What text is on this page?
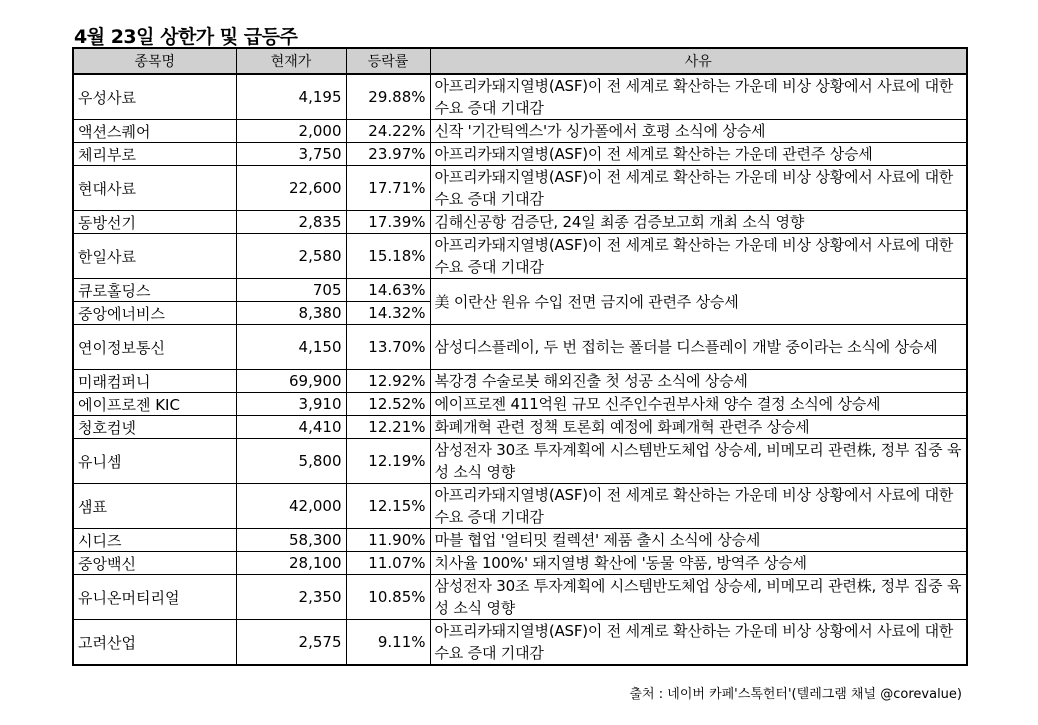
4월 23일 상한가 및 급등주
종목명	현재가	등락률	사유
우성사료	4,195	29.88%	아프리카돼지열병(ASF)이 전 세계로 확산하는 가운데 비상 상황에서 사료에 대한 수요 증대 기대감
액션스퀘어	2,000	24.22%	신작 '기간틱엑스'가 싱가폴에서 호평 소식에 상승세
체리부로	3,750	23.97%	아프리카돼지열병(ASF)이 전 세계로 확산하는 가운데 관련주 상승세
현대사료	22,600	17.71%	아프리카돼지열병(ASF)이 전 세계로 확산하는 가운데 비상 상황에서 사료에 대한 수요 증대 기대감
동방선기	2,835	17.39%	김해신공항 검증단, 24일 최종 검증보고회 개최 소식 영향
한일사료	2,580	15.18%	아프리카돼지열병(ASF)이 전 세계로 확산하는 가운데 비상 상황에서 사료에 대한 수요 증대 기대감
큐로홀딩스	705	14.63%	美 이란산 원유 수입 전면 금지에 관련주 상승세
중앙에너비스	8,380	14.32%	
연이정보통신	4,150	13.70%	삼성디스플레이, 두 번 접히는 폴더블 디스플레이 개발 중이라는 소식에 상승세
미래컴퍼니	69,900	12.92%	복강경 수술로봇 해외진출 첫 성공 소식에 상승세
에이프로젠 KIC	3,910	12.52%	에이프로젠 411억원 규모 신주인수권부사채 양수 결정 소식에 상승세
청호컴넷	4,410	12.21%	화폐개혁 관련 정책 토론회 예정에 화폐개혁 관련주 상승세
유니셈	5,800	12.19%	삼성전자 30조 투자계획에 시스템반도체업 상승세, 비메모리 관련株, 정부 집중 육성 소식 영향
샘표	42,000	12.15%	아프리카돼지열병(ASF)이 전 세계로 확산하는 가운데 비상 상황에서 사료에 대한 수요 증대 기대감
시디즈	58,300	11.90%	마블 협업 '얼티밋 컬렉션' 제품 출시 소식에 상승세
중앙백신	28,100	11.07%	치사율 100%' 돼지열병 확산에 '동물 약품, 방역주 상승세
유니온머티리얼	2,350	10.85%	삼성전자 30조 투자계획에 시스템반도체업 상승세, 비메모리 관련株, 정부 집중 육성 소식 영향
고려산업	2,575	9.11%	아프리카돼지열병(ASF)이 전 세계로 확산하는 가운데 비상 상황에서 사료에 대한 수요 증대 기대감
출처 : 네이버 카페'스톡헌터'(텔레그램 채널 @corevalue)
